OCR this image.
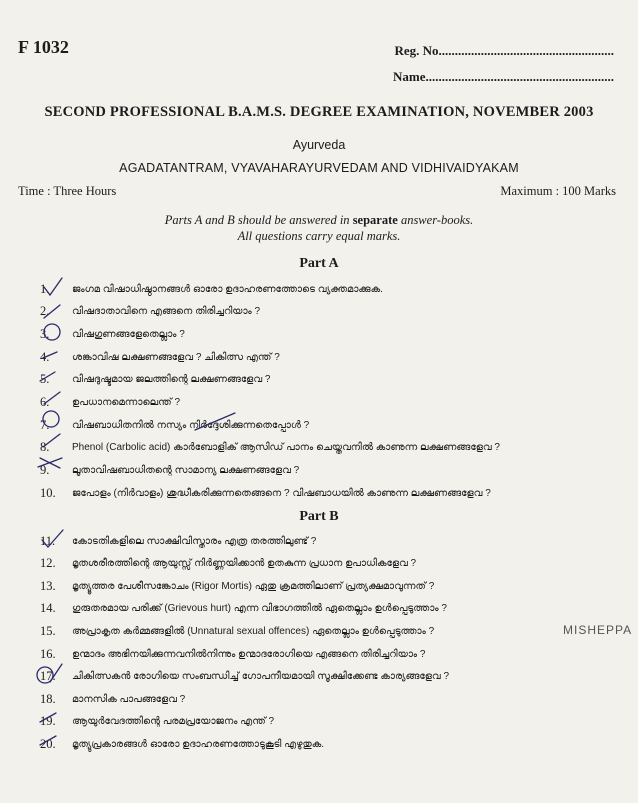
F 1032	Reg. No......................................................
Name..........................................................
SECOND PROFESSIONAL B.A.M.S. DEGREE EXAMINATION, NOVEMBER 2003
Ayurveda
AGADATANTRAM, VYAVAHARAYURVEDAM AND VIDHIVAIDYAKAM
Time : Three Hours	Maximum : 100 Marks
Parts A and B should be answered in separate answer-books.
All questions carry equal marks.
Part A
Part B
1.	ജംഗമ വിഷാധിഷ്ഠാനങ്ങൾ ഓരോ ഉദാഹരണത്തോടെ വ്യക്തമാക്കുക.
2.	വിഷദാതാവിനെ എങ്ങനെ തിരിച്ചറിയാം ?
3.	വിഷഗുണങ്ങളേതെല്ലാം ?
4.	ശങ്കാവിഷ ലക്ഷണങ്ങളേവ ? ചികിത്സ എന്ത് ?
5.	വിഷദുഷ്ടമായ ജലത്തിന്റെ ലക്ഷണങ്ങളേവ ?
6.	ഉപധാനമെന്നാലെന്ത് ?
7.	വിഷബാധിതനിൽ നസ്യം നിർദ്ദേശിക്കുന്നതെപ്പോൾ ?
8.	Phenol (Carbolic acid) കാർബോളിക് ആസിഡ് പാനം ചെയ്തവനിൽ കാണുന്ന ലക്ഷണങ്ങളേവ ?
9.	ലൂതാവിഷബാധിതന്റെ സാമാന്യ ലക്ഷണങ്ങളേവ ?
10.	ജപോളം (നിർവാളം) ശുദ്ധീകരിക്കുന്നതെങ്ങനെ ? വിഷബാധയിൽ കാണുന്ന ലക്ഷണങ്ങളേവ ?
11.	കോടതികളിലെ സാക്ഷിവിസ്താരം എത്ര തരത്തിലുണ്ട് ?
12.	മൃതശരീരത്തിന്റെ ആയുസ്സ് നിർണ്ണയിക്കാൻ ഉതകുന്ന പ്രധാന ഉപാധികളേവ ?
13.	മൃത്യൂത്തര പേശീസങ്കോചം (Rigor Mortis) ഏതു ക്രമത്തിലാണ് പ്രത്യക്ഷമാവുന്നത് ?
14.	ഗുരുതരമായ പരിക്ക് (Grievous hurt) എന്ന വിഭാഗത്തിൽ ഏതെല്ലാം ഉൾപ്പെടുത്താം ?
15.	അപ്രാകൃത കർമ്മങ്ങളിൽ (Unnatural sexual offences) ഏതെല്ലാം ഉൾപ്പെടുത്താം ?
16.	ഉന്മാദം അഭിനയിക്കുന്നവനിൽനിന്നും ഉന്മാദരോഗിയെ എങ്ങനെ തിരിച്ചറിയാം ?
17.	ചികിത്സകൻ രോഗിയെ സംബന്ധിച്ച് ഗോപനീയമായി സൂക്ഷിക്കേണ്ട കാര്യങ്ങളേവ ?
18.	മാനസിക പാപങ്ങളേവ ?
19.	ആയുർവേദത്തിന്റെ പരമപ്രയോജനം എന്ത് ?
20.	മൃത്യുപ്രകാരങ്ങൾ ഓരോ ഉദാഹരണത്തോടുകൂടി എഴുതുക.
MISHEPPA
